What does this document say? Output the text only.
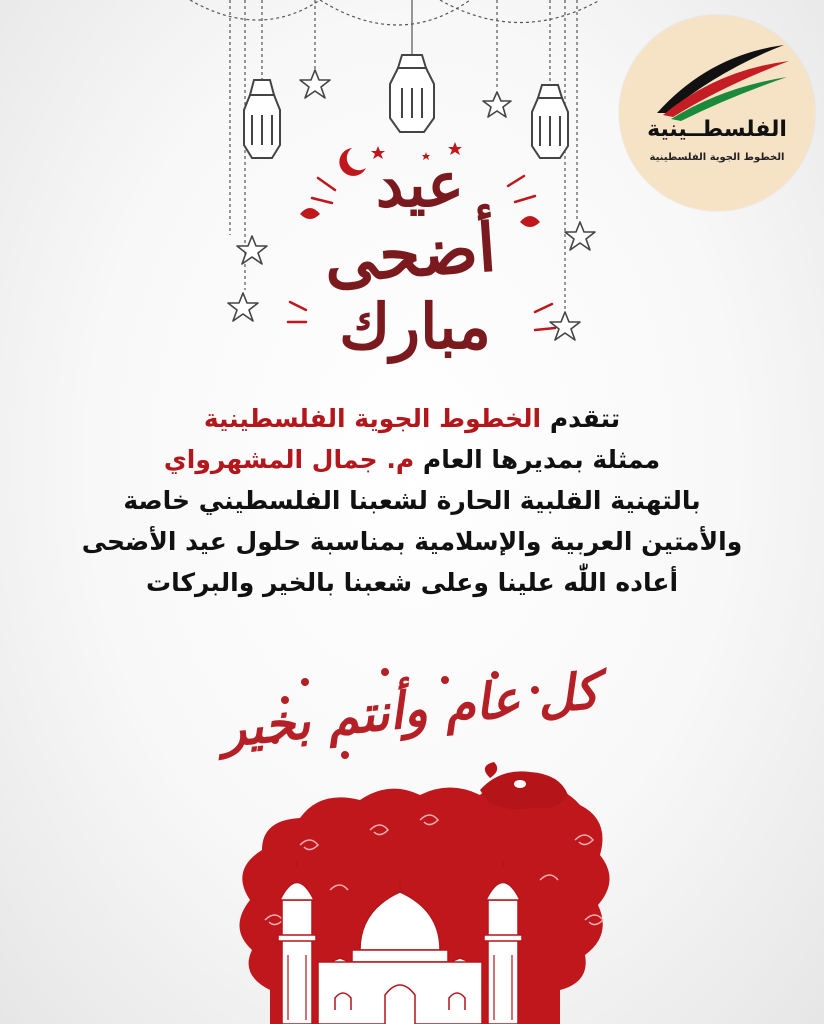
الفلسطــينية
الخطوط الجوية الفلسطينية
عيد
أضحى
مبارك
تتقدم الخطوط الجوية الفلسطينية
ممثلة بمديرها العام م. جمال المشهرواي
بالتهنية القلبية الحارة لشعبنا الفلسطيني خاصة
والأمتين العربية والإسلامية بمناسبة حلول عيد الأضحى
أعاده اللّٰه علينا وعلى شعبنا بالخير والبركات
كل عام وأنتم بخير
